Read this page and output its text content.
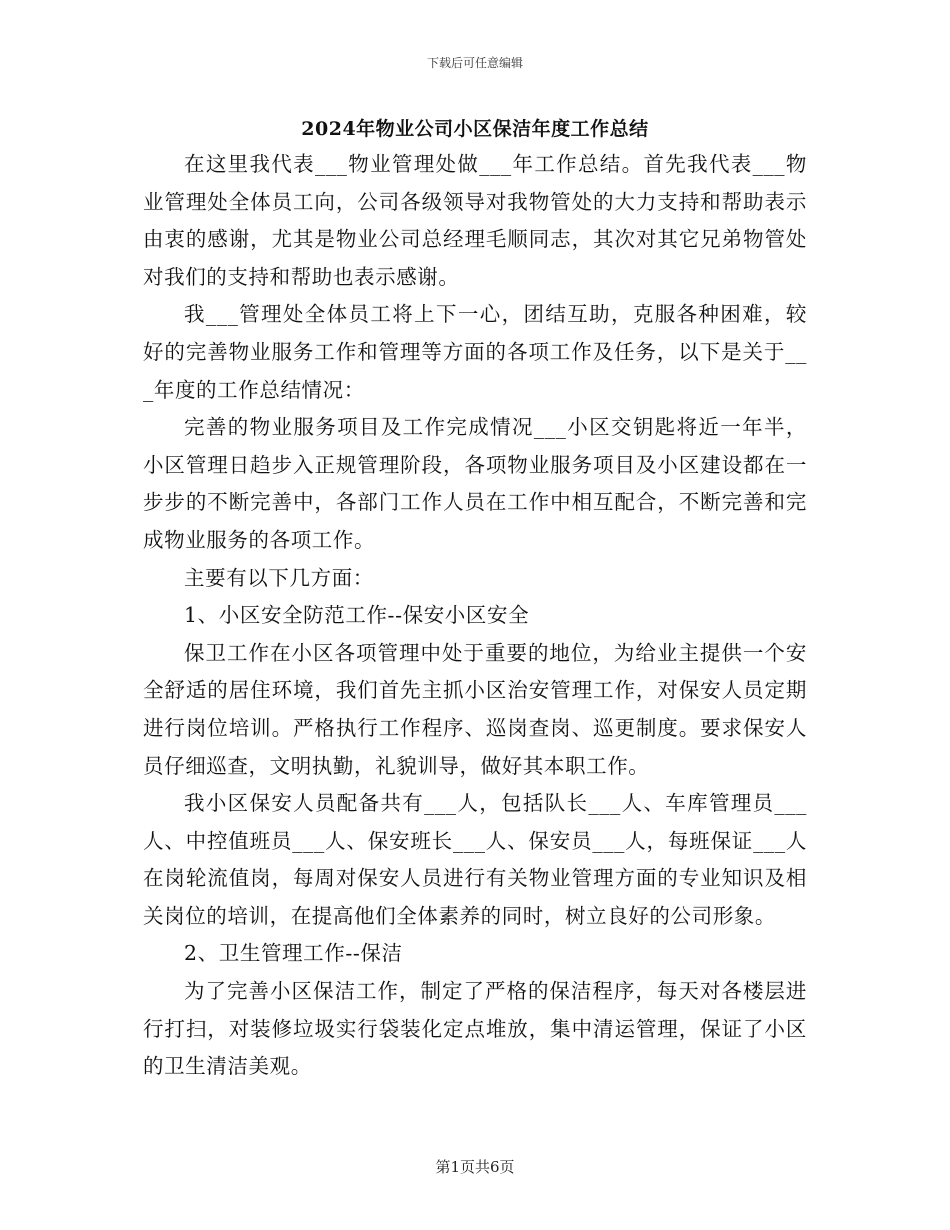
下载后可任意编辑
2024年物业公司小区保洁年度工作总结

在这里我代表___物业管理处做___年工作总结。首先我代表___物业管理处全体员工向，公司各级领导对我物管处的大力支持和帮助表示由衷的感谢，尤其是物业公司总经理毛顺同志，其次对其它兄弟物管处对我们的支持和帮助也表示感谢。

我___管理处全体员工将上下一心，团结互助，克服各种困难，较好的完善物业服务工作和管理等方面的各项工作及任务，以下是关于___年度的工作总结情况：

完善的物业服务项目及工作完成情况___小区交钥匙将近一年半，小区管理日趋步入正规管理阶段，各项物业服务项目及小区建设都在一步步的不断完善中，各部门工作人员在工作中相互配合，不断完善和完成物业服务的各项工作。

主要有以下几方面：

1、小区安全防范工作--保安小区安全

保卫工作在小区各项管理中处于重要的地位，为给业主提供一个安全舒适的居住环境，我们首先主抓小区治安管理工作，对保安人员定期进行岗位培训。严格执行工作程序、巡岗查岗、巡更制度。要求保安人员仔细巡查，文明执勤，礼貌训导，做好其本职工作。

我小区保安人员配备共有___人，包括队长___人、车库管理员___人、中控值班员___人、保安班长___人、保安员___人，每班保证___人在岗轮流值岗，每周对保安人员进行有关物业管理方面的专业知识及相关岗位的培训，在提高他们全体素养的同时，树立良好的公司形象。

2、卫生管理工作--保洁

为了完善小区保洁工作，制定了严格的保洁程序，每天对各楼层进行打扫，对装修垃圾实行袋装化定点堆放，集中清运管理，保证了小区的卫生清洁美观。

第1页共6页
